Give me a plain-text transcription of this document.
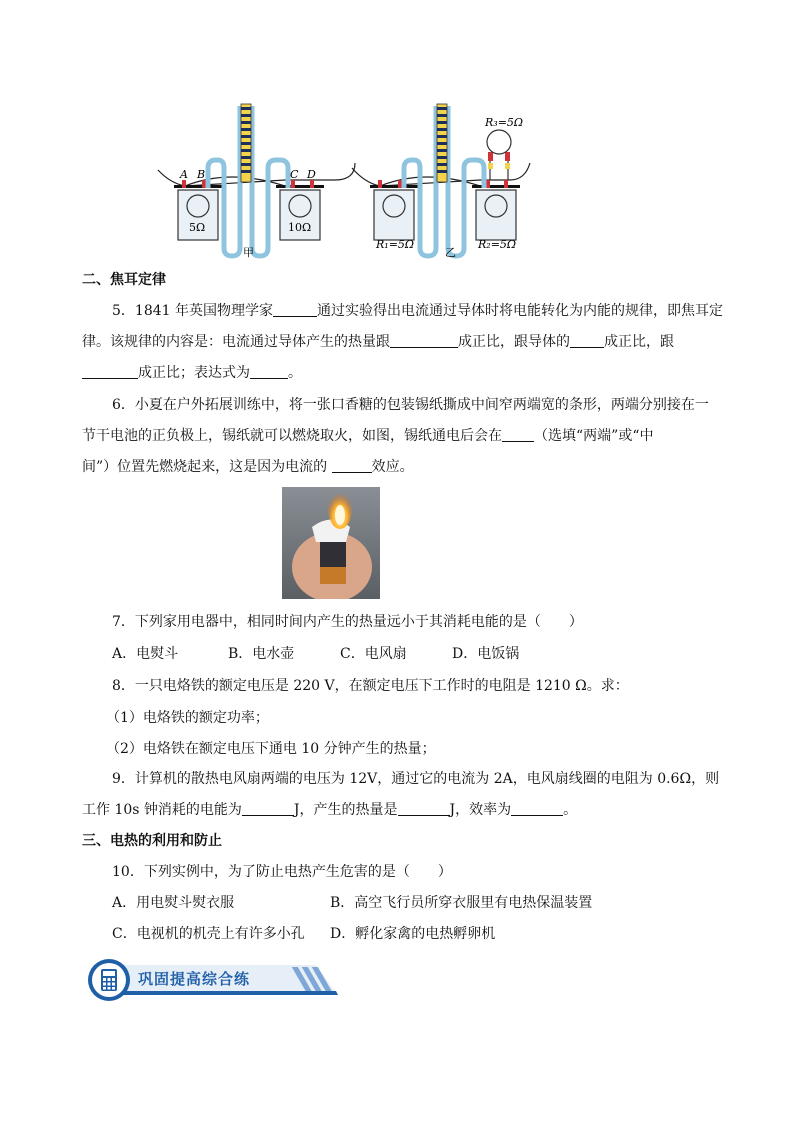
A B	C D
5Ω	10Ω
甲
R₃=5Ω
R₁=5Ω	R₂=5Ω
乙
二、焦耳定律
5．1841 年英国物理学家	通过实验得出电流通过导体时将电能转化为内能的规律，即焦耳定
律。该规律的内容是：电流通过导体产生的热量跟	成正比，跟导体的 成正比，跟
成正比；表达式为	。
6．小夏在户外拓展训练中，将一张口香糖的包装锡纸撕成中间窄两端宽的条形，两端分别接在一
节干电池的正负极上，锡纸就可以燃烧取火，如图，锡纸通电后会在 （选填“两端”或“中
间”）位置先燃烧起来，这是因为电流的	效应。
7．下列家用电器中，相同时间内产生的热量远小于其消耗电能的是（　　）
A．电熨斗	B．电水壶	C．电风扇	D．电饭锅
8．一只电烙铁的额定电压是 220 V，在额定电压下工作时的电阻是 1210 Ω。求：
（1）电烙铁的额定功率；
（2）电烙铁在额定电压下通电 10 分钟产生的热量；
9．计算机的散热电风扇两端的电压为 12V，通过它的电流为 2A，电风扇线圈的电阻为 0.6Ω，则
工作 10s 钟消耗的电能为	J，产生的热量是	J，效率为	。
三、电热的利用和防止
10．下列实例中，为了防止电热产生危害的是（　　）
A．用电熨斗熨衣服	B．高空飞行员所穿衣服里有电热保温装置
C．电视机的机壳上有许多小孔 D．孵化家禽的电热孵卵机
巩固提高综合练
